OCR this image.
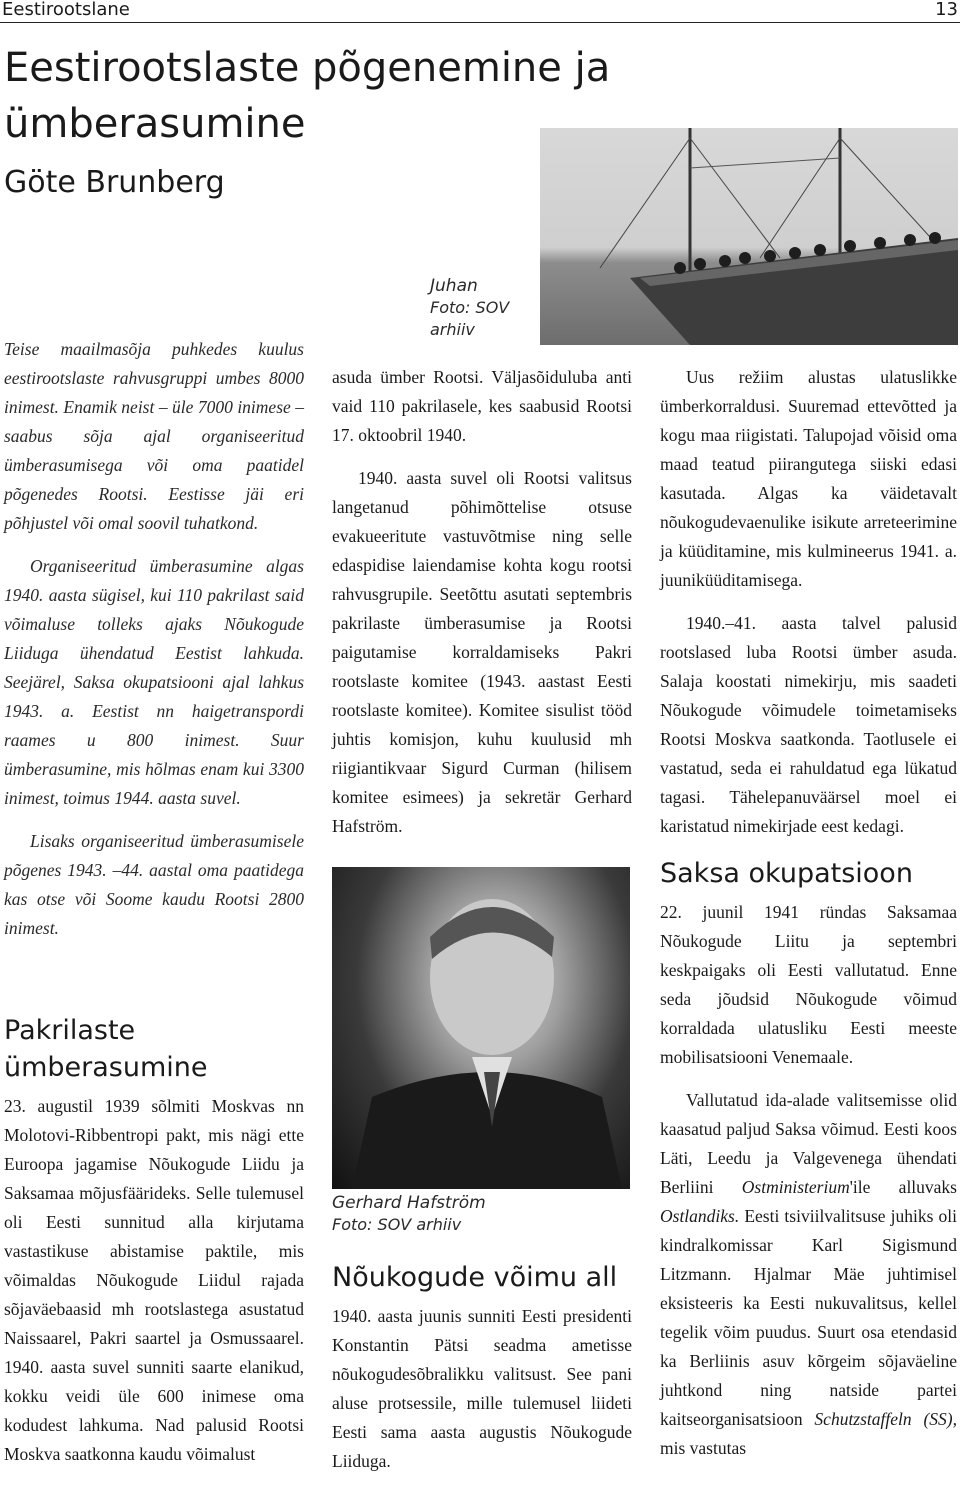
Eestirootslane	13
Eestirootslaste põgenemine ja ümberasumine
Göte Brunberg
Juhan
Foto: SOV arhiiv

Teise maailmasõja puhkedes kuulus eestirootslaste rahvusgruppi umbes 8000 inimest. Enamik neist – üle 7000 inimese – saabus sõja ajal organiseeritud ümberasumisega või oma paatidel põgenedes Rootsi. Eestisse jäi eri põhjustel või omal soovil tuhatkond.

Organiseeritud ümberasumine algas 1940. aasta sügisel, kui 110 pakrilast said võimaluse tolleks ajaks Nõukogude Liiduga ühendatud Eestist lahkuda. Seejärel, Saksa okupatsiooni ajal lahkus 1943. a. Eestist nn haigetranspordi raames u 800 inimest. Suur ümberasumine, mis hõlmas enam kui 3300 inimest, toimus 1944. aasta suvel.

Lisaks organiseeritud ümberasumisele põgenes 1943. –44. aastal oma paatidega kas otse või Soome kaudu Rootsi 2800 inimest.

Pakrilaste ümberasumine

23. augustil 1939 sõlmiti Moskvas nn Molotovi-Ribbentropi pakt, mis nägi ette Euroopa jagamise Nõukogude Liidu ja Saksamaa mõjusfäärideks. Selle tulemusel oli Eesti sunnitud alla kirjutama vastastikuse abistamise paktile, mis võimaldas Nõukogude Liidul rajada sõjaväebaasid mh rootslastega asustatud Naissaarel, Pakri saartel ja Osmussaarel. 1940. aasta suvel sunniti saarte elanikud, kokku veidi üle 600 inimese oma kodudest lahkuma. Nad palusid Rootsi Moskva saatkonna kaudu võimalust

asuda ümber Rootsi. Väljasõiduluba anti vaid 110 pakrilasele, kes saabusid Rootsi 17. oktoobril 1940.

1940. aasta suvel oli Rootsi valitsus langetanud põhimõttelise otsuse evakueeritute vastuvõtmise ning selle edaspidise laiendamise kohta kogu rootsi rahvusgrupile. Seetõttu asutati septembris pakrilaste ümberasumise ja Rootsi paigutamise korraldamiseks Pakri rootslaste komitee (1943. aastast Eesti rootslaste komitee). Komitee sisulist tööd juhtis komisjon, kuhu kuulusid mh riigiantikvaar Sigurd Curman (hilisem komitee esimees) ja sekretär Gerhard Hafström.

Gerhard Hafström
Foto: SOV arhiiv
Nõukogude võimu all

1940. aasta juunis sunniti Eesti presidenti Konstantin Pätsi seadma ametisse nõukogudesõbralikku valitsust. See pani aluse protsessile, mille tulemusel liideti Eesti sama aasta augustis Nõukogude Liiduga.

Uus režiim alustas ulatuslikke ümberkorraldusi. Suuremad ettevõtted ja kogu maa riigistati. Talupojad võisid oma maad teatud piirangutega siiski edasi kasutada. Algas ka väidetavalt nõukogudevaenulike isikute arreteerimine ja küüditamine, mis kulmineerus 1941. a. juuniküüditamisega.

1940.–41. aasta talvel palusid rootslased luba Rootsi ümber asuda. Salaja koostati nimekirju, mis saadeti Nõukogude võimudele toimetamiseks Rootsi Moskva saatkonda. Taotlusele ei vastatud, seda ei rahuldatud ega lükatud tagasi. Tähelepanuväärsel moel ei karistatud nimekirjade eest kedagi.

Saksa okupatsioon

22. juunil 1941 ründas Saksamaa Nõukogude Liitu ja septembri keskpaigaks oli Eesti vallutatud. Enne seda jõudsid Nõukogude võimud korraldada ulatusliku Eesti meeste mobilisatsiooni Venemaale.

Vallutatud ida-alade valitsemisse olid kaasatud paljud Saksa võimud. Eesti koos Läti, Leedu ja Valgevenega ühendati Berliini Ostministerium'ile alluvaks Ostlandiks. Eesti tsiviilvalitsuse juhiks oli kindralkomissar Karl Sigismund Litzmann. Hjalmar Mäe juhtimisel eksisteeris ka Eesti nukuvalitsus, kellel tegelik võim puudus. Suurt osa etendasid ka Berliinis asuv kõrgeim sõjaväeline juhtkond ning natside partei kaitseorganisatsioon Schutzstaffeln (SS), mis vastutas
